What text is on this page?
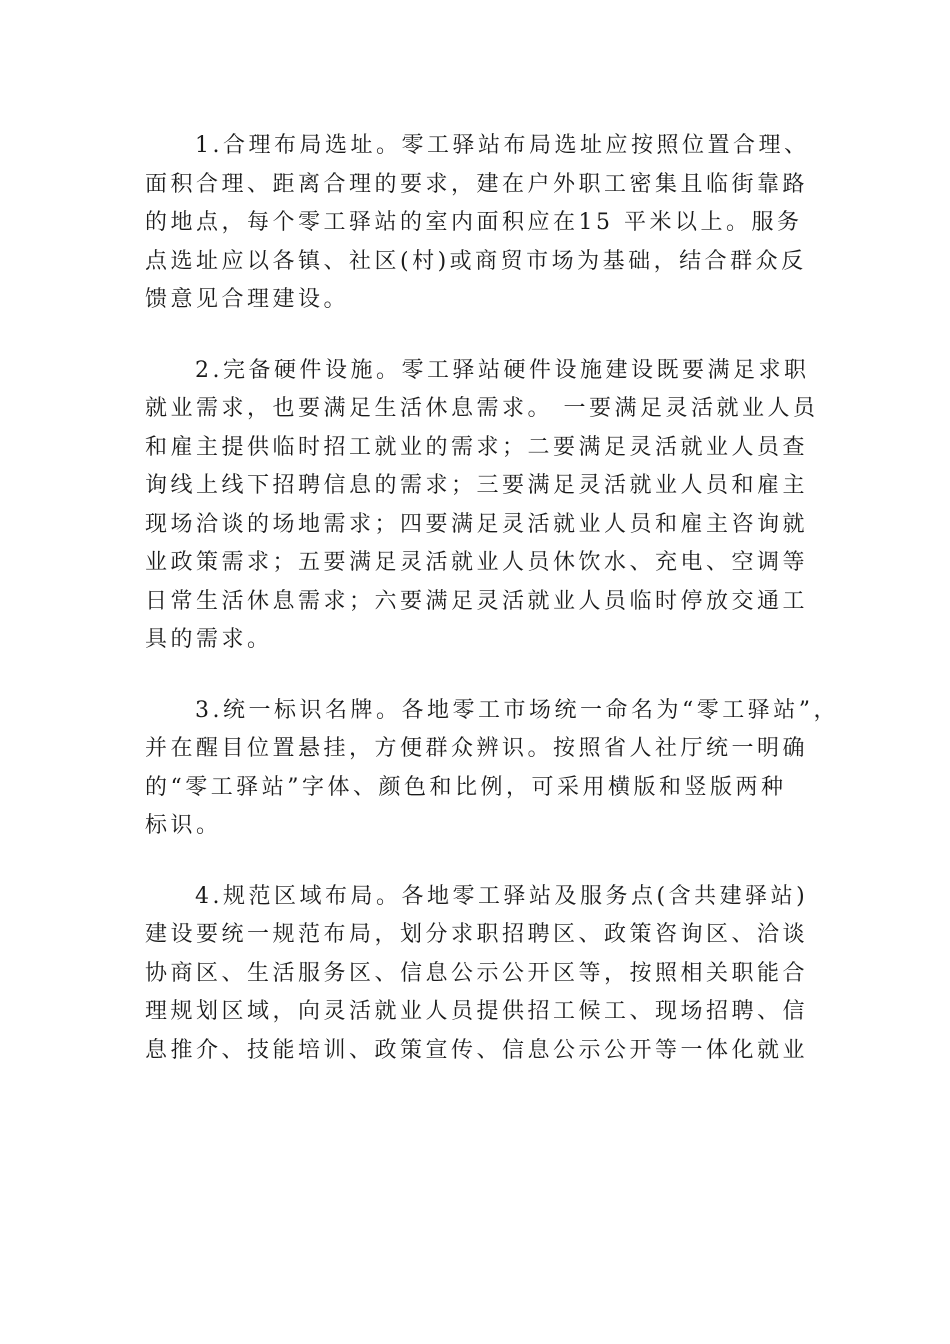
1.合理布局选址。零工驿站布局选址应按照位置合理、
面积合理、距离合理的要求，建在户外职工密集且临街靠路
的地点，每个零工驿站的室内面积应在15 平米以上。服务
点选址应以各镇、社区(村)或商贸市场为基础，结合群众反
馈意见合理建设。
2.完备硬件设施。零工驿站硬件设施建设既要满足求职
就业需求，也要满足生活休息需求。 一要满足灵活就业人员
和雇主提供临时招工就业的需求；二要满足灵活就业人员查
询线上线下招聘信息的需求；三要满足灵活就业人员和雇主
现场洽谈的场地需求；四要满足灵活就业人员和雇主咨询就
业政策需求；五要满足灵活就业人员休饮水、充电、空调等
日常生活休息需求；六要满足灵活就业人员临时停放交通工
具的需求。
3.统一标识名牌。各地零工市场统一命名为“零工驿站”，
并在醒目位置悬挂，方便群众辨识。按照省人社厅统一明确
的“零工驿站”字体、颜色和比例，可采用横版和竖版两种
标识。
4.规范区域布局。各地零工驿站及服务点(含共建驿站)
建设要统一规范布局，划分求职招聘区、政策咨询区、洽谈
协商区、生活服务区、信息公示公开区等，按照相关职能合
理规划区域，向灵活就业人员提供招工候工、现场招聘、信
息推介、技能培训、政策宣传、信息公示公开等一体化就业
